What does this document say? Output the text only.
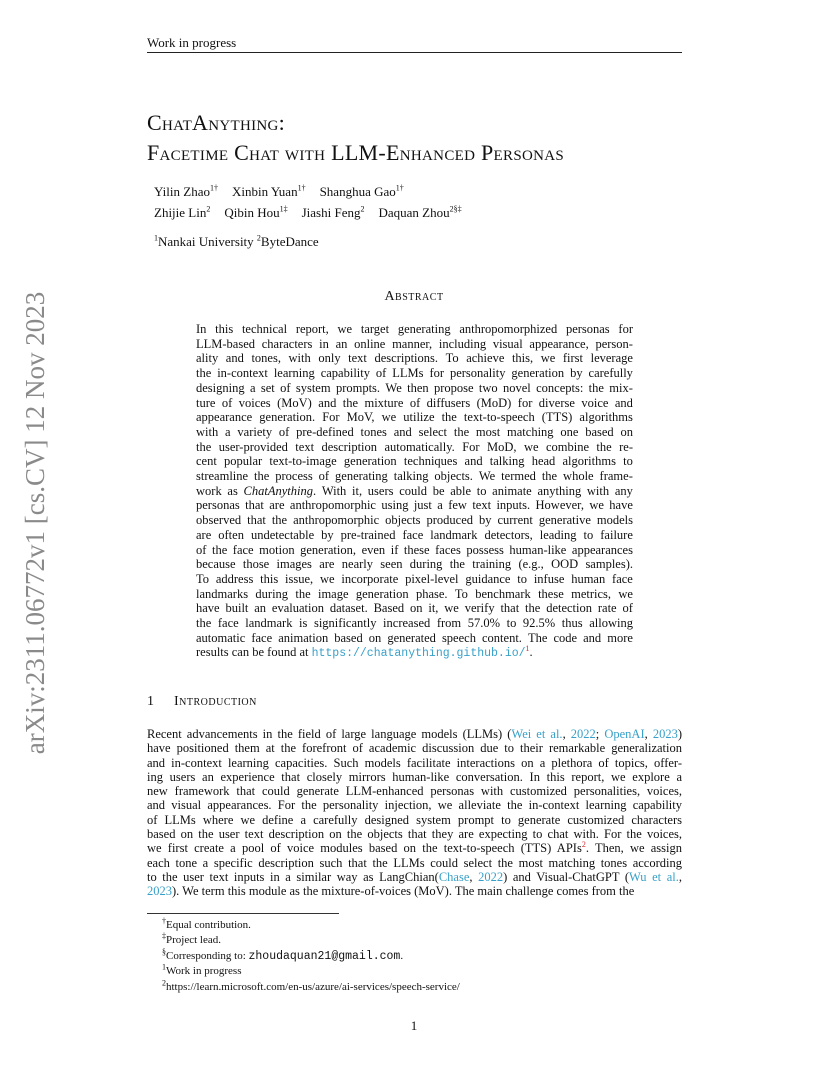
Work in progress
arXiv:2311.06772v1 [cs.CV] 12 Nov 2023
ChatAnything:
Facetime Chat with LLM-Enhanced Personas
Yilin Zhao$^{1\dagger}$ Xinbin Yuan$^{1\dagger}$ Shanghua Gao$^{1\dagger}$
Zhijie Lin$^2$ Qibin Hou$^{1\ddagger}$ Jiashi Feng$^2$ Daquan Zhou$^{2\S\ddagger}$
$^1$Nankai University $^2$ByteDance
Abstract
In this technical report, we target generating anthropomorphized personas for
LLM-based characters in an online manner, including visual appearance, person-
ality and tones, with only text descriptions. To achieve this, we first leverage
the in-context learning capability of LLMs for personality generation by carefully
designing a set of system prompts. We then propose two novel concepts: the mix-
ture of voices (MoV) and the mixture of diffusers (MoD) for diverse voice and
appearance generation. For MoV, we utilize the text-to-speech (TTS) algorithms
with a variety of pre-defined tones and select the most matching one based on
the user-provided text description automatically. For MoD, we combine the re-
cent popular text-to-image generation techniques and talking head algorithms to
streamline the process of generating talking objects. We termed the whole frame-
work as ChatAnything. With it, users could be able to animate anything with any
personas that are anthropomorphic using just a few text inputs. However, we have
observed that the anthropomorphic objects produced by current generative models
are often undetectable by pre-trained face landmark detectors, leading to failure
of the face motion generation, even if these faces possess human-like appearances
because those images are nearly seen during the training (e.g., OOD samples).
To address this issue, we incorporate pixel-level guidance to infuse human face
landmarks during the image generation phase. To benchmark these metrics, we
have built an evaluation dataset. Based on it, we verify that the detection rate of
the face landmark is significantly increased from 57.0% to 92.5% thus allowing
automatic face animation based on generated speech content. The code and more
results can be found at https://chatanything.github.io/$^1$.
1 Introduction
Recent advancements in the field of large language models (LLMs) (Wei et al., 2022; OpenAI, 2023)
have positioned them at the forefront of academic discussion due to their remarkable generalization
and in-context learning capacities. Such models facilitate interactions on a plethora of topics, offer-
ing users an experience that closely mirrors human-like conversation. In this report, we explore a
new framework that could generate LLM-enhanced personas with customized personalities, voices,
and visual appearances. For the personality injection, we alleviate the in-context learning capability
of LLMs where we define a carefully designed system prompt to generate customized characters
based on the user text description on the objects that they are expecting to chat with. For the voices,
we first create a pool of voice modules based on the text-to-speech (TTS) APIs$^2$. Then, we assign
each tone a specific description such that the LLMs could select the most matching tones according
to the user text inputs in a similar way as LangChian(Chase, 2022) and Visual-ChatGPT (Wu et al.,
2023). We term this module as the mixture-of-voices (MoV). The main challenge comes from the
†Equal contribution.
‡Project lead.
§Corresponding to: zhoudaquan21@gmail.com.
$^1$Work in progress
$^2$https://learn.microsoft.com/en-us/azure/ai-services/speech-service/
1
